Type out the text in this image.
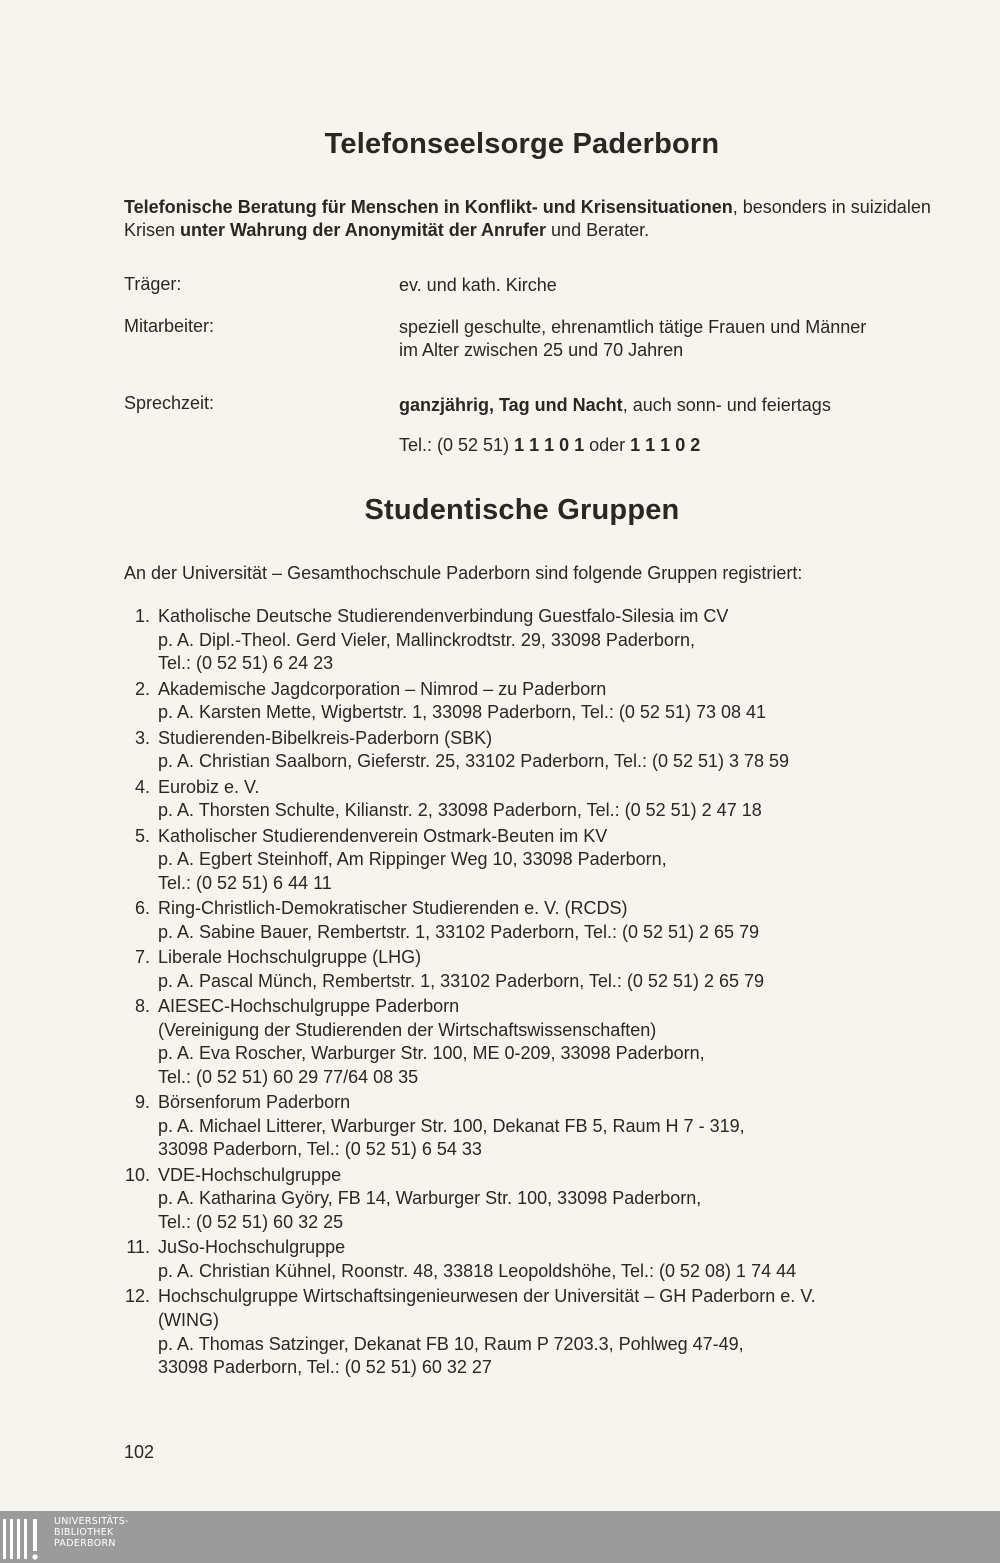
Telefonseelsorge Paderborn

Telefonische Beratung für Menschen in Konflikt- und Krisensituationen, besonders in suizidalen Krisen unter Wahrung der Anonymität der Anrufer und Berater.

Träger:	ev. und kath. Kirche
Mitarbeiter:	speziell geschulte, ehrenamtlich tätige Frauen und Männer
im Alter zwischen 25 und 70 Jahren
Sprechzeit:	ganzjährig, Tag und Nacht, auch sonn- und feiertags
Tel.: (0 52 51) 1 1 1 0 1 oder 1 1 1 0 2
Studentische Gruppen

An der Universität – Gesamthochschule Paderborn sind folgende Gruppen registriert:

1. Katholische Deutsche Studierendenverbindung Guestfalo-Silesia im CV
p. A. Dipl.-Theol. Gerd Vieler, Mallinckrodtstr. 29, 33098 Paderborn,
Tel.: (0 52 51) 6 24 23
2. Akademische Jagdcorporation – Nimrod – zu Paderborn
p. A. Karsten Mette, Wigbertstr. 1, 33098 Paderborn, Tel.: (0 52 51) 73 08 41
3. Studierenden-Bibelkreis-Paderborn (SBK)
p. A. Christian Saalborn, Gieferstr. 25, 33102 Paderborn, Tel.: (0 52 51) 3 78 59
4. Eurobiz e. V.
p. A. Thorsten Schulte, Kilianstr. 2, 33098 Paderborn, Tel.: (0 52 51) 2 47 18
5. Katholischer Studierendenverein Ostmark-Beuten im KV
p. A. Egbert Steinhoff, Am Rippinger Weg 10, 33098 Paderborn,
Tel.: (0 52 51) 6 44 11
6. Ring-Christlich-Demokratischer Studierenden e. V. (RCDS)
p. A. Sabine Bauer, Rembertstr. 1, 33102 Paderborn, Tel.: (0 52 51) 2 65 79
7. Liberale Hochschulgruppe (LHG)
p. A. Pascal Münch, Rembertstr. 1, 33102 Paderborn, Tel.: (0 52 51) 2 65 79
8. AIESEC-Hochschulgruppe Paderborn
(Vereinigung der Studierenden der Wirtschaftswissenschaften)
p. A. Eva Roscher, Warburger Str. 100, ME 0-209, 33098 Paderborn,
Tel.: (0 52 51) 60 29 77/64 08 35
9. Börsenforum Paderborn
p. A. Michael Litterer, Warburger Str. 100, Dekanat FB 5, Raum H 7 - 319,
33098 Paderborn, Tel.: (0 52 51) 6 54 33
10. VDE-Hochschulgruppe
p. A. Katharina Györy, FB 14, Warburger Str. 100, 33098 Paderborn,
Tel.: (0 52 51) 60 32 25
11. JuSo-Hochschulgruppe
p. A. Christian Kühnel, Roonstr. 48, 33818 Leopoldshöhe, Tel.: (0 52 08) 1 74 44
12. Hochschulgruppe Wirtschaftsingenieurwesen der Universität – GH Paderborn e. V.
(WING)
p. A. Thomas Satzinger, Dekanat FB 10, Raum P 7203.3, Pohlweg 47-49,
33098 Paderborn, Tel.: (0 52 51) 60 32 27
102
UNIVERSITÄTS-
BIBLIOTHEK
PADERBORN
